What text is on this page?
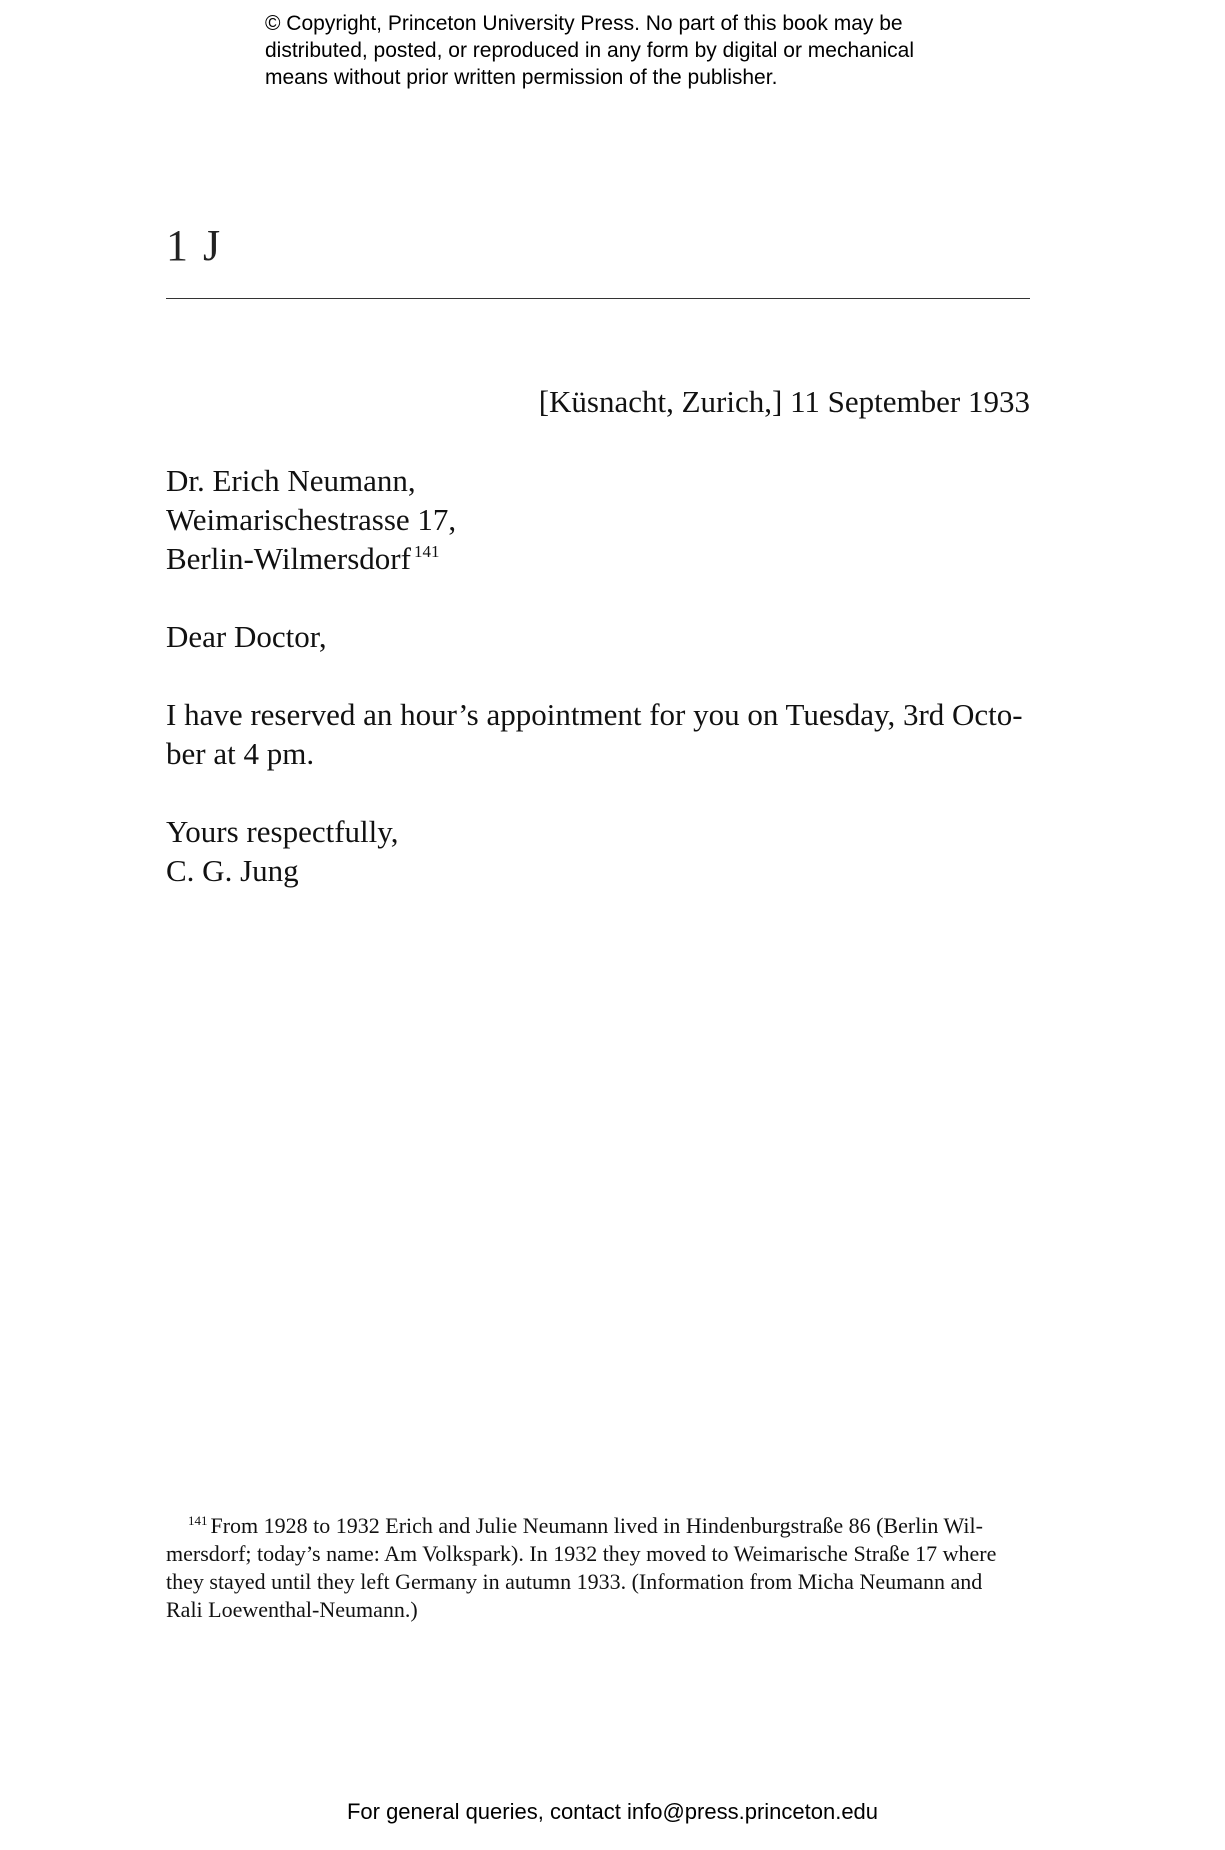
© Copyright, Princeton University Press. No part of this book may be
distributed, posted, or reproduced in any form by digital or mechanical
means without prior written permission of the publisher.
1 J
[Küsnacht, Zurich,] 11 September 1933
Dr. Erich Neumann,
Weimarischestrasse 17,
Berlin-Wilmersdorf $^{141}$
Dear Doctor,
I have reserved an hour’s appointment for you on Tuesday, 3rd Octo-
ber at 4 pm.
Yours respectfully,
C. G. Jung
$^{141}$ From 1928 to 1932 Erich and Julie Neumann lived in Hindenburgstraße 86 (Berlin Wil-
mersdorf; today’s name: Am Volkspark). In 1932 they moved to Weimarische Straße 17 where
they stayed until they left Germany in autumn 1933. (Information from Micha Neumann and
Rali Loewenthal-Neumann.)
For general queries, contact info@press.princeton.edu
